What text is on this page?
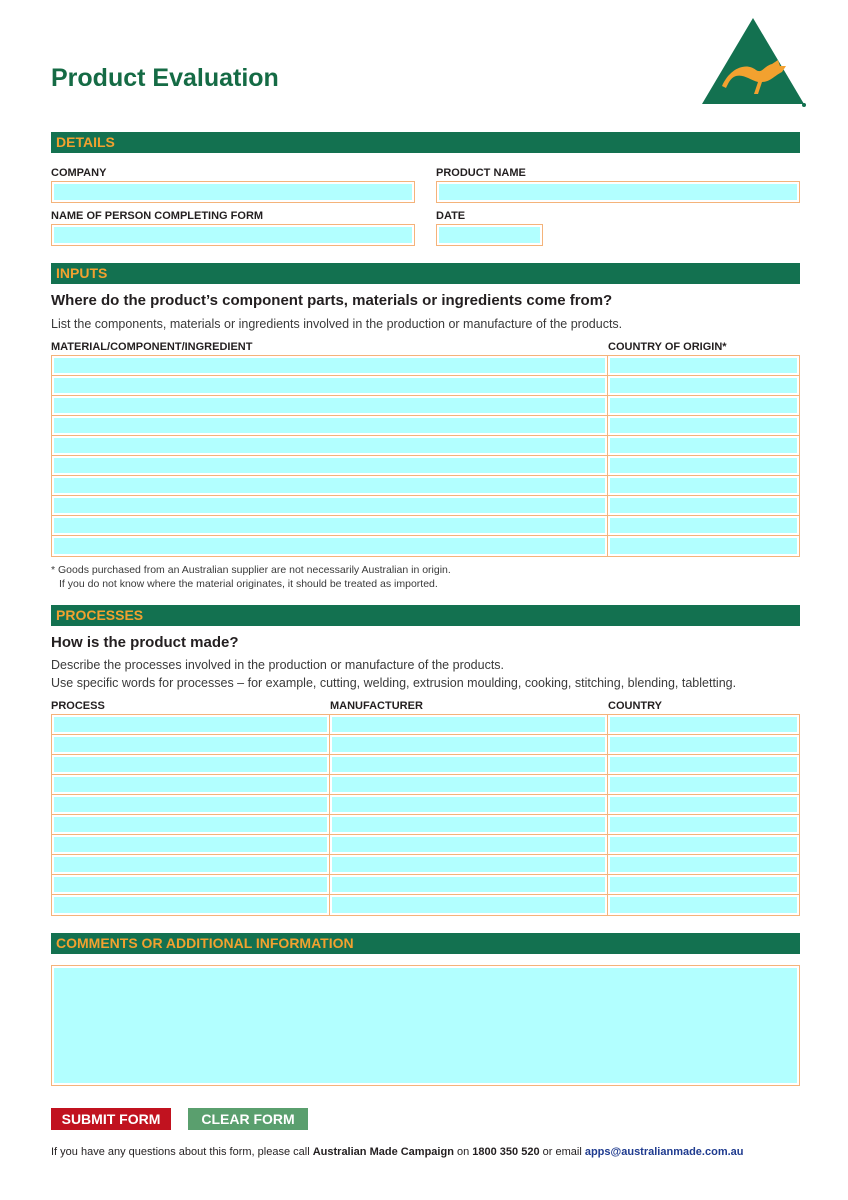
Product Evaluation
DETAILS
COMPANY	PRODUCT NAME
NAME OF PERSON COMPLETING FORM	DATE
INPUTS
Where do the product’s component parts, materials or ingredients come from?
List the components, materials or ingredients involved in the production or manufacture of the products.
MATERIAL/COMPONENT/INGREDIENT	COUNTRY OF ORIGIN*
* Goods purchased from an Australian supplier are not necessarily Australian in origin.
If you do not know where the material originates, it should be treated as imported.
PROCESSES
How is the product made?
Describe the processes involved in the production or manufacture of the products.
Use specific words for processes – for example, cutting, welding, extrusion moulding, cooking, stitching, blending, tabletting.
PROCESS	MANUFACTURER	COUNTRY
COMMENTS OR ADDITIONAL INFORMATION
SUBMIT FORM	CLEAR FORM
If you have any questions about this form, please call Australian Made Campaign on 1800 350 520 or email apps@australianmade.com.au
